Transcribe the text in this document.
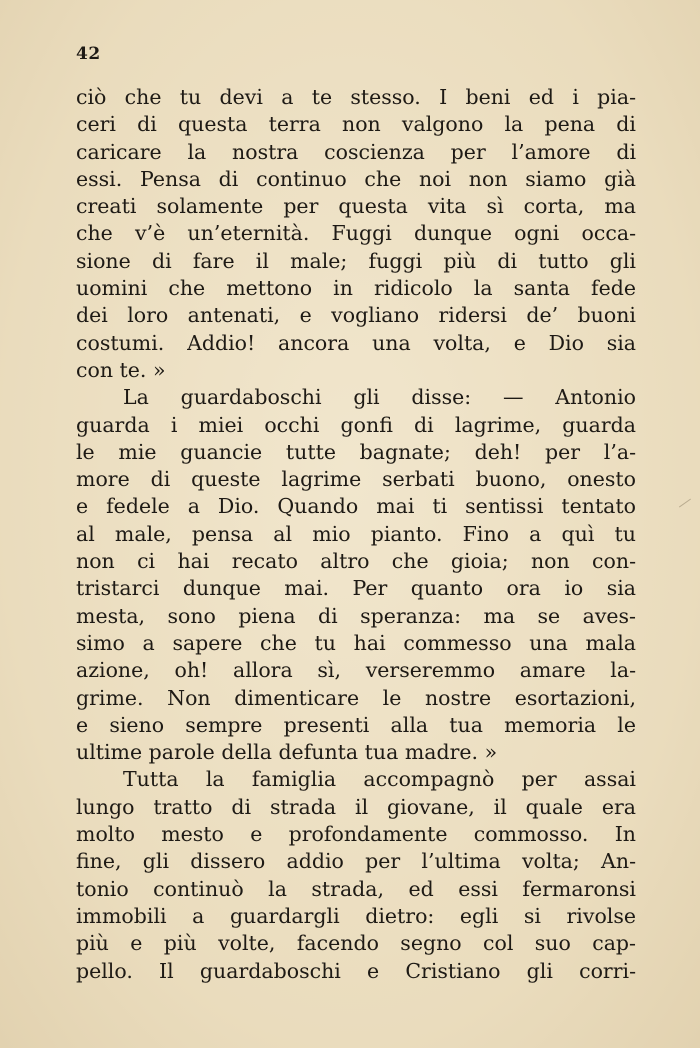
42
ciò che tu devi a te stesso. I beni ed i pia-
ceri di questa terra non valgono la pena di
caricare la nostra coscienza per l’amore di
essi. Pensa di continuo che noi non siamo già
creati solamente per questa vita sì corta, ma
che v’è un’eternità. Fuggi dunque ogni occa-
sione di fare il male; fuggi più di tutto gli
uomini che mettono in ridicolo la santa fede
dei loro antenati, e vogliano ridersi de’ buoni
costumi. Addio! ancora una volta, e Dio sia
con te. »
La guardaboschi gli disse: — Antonio
guarda i miei occhi gonfi di lagrime, guarda
le mie guancie tutte bagnate; deh! per l’a-
more di queste lagrime serbati buono, onesto
e fedele a Dio. Quando mai ti sentissi tentato
al male, pensa al mio pianto. Fino a quì tu
non ci hai recato altro che gioia; non con-
tristarci dunque mai. Per quanto ora io sia
mesta, sono piena di speranza: ma se aves-
simo a sapere che tu hai commesso una mala
azione, oh! allora sì, verseremmo amare la-
grime. Non dimenticare le nostre esortazioni,
e sieno sempre presenti alla tua memoria le
ultime parole della defunta tua madre. »
Tutta la famiglia accompagnò per assai
lungo tratto di strada il giovane, il quale era
molto mesto e profondamente commosso. In
fine, gli dissero addio per l’ultima volta; An-
tonio continuò la strada, ed essi fermaronsi
immobili a guardargli dietro: egli si rivolse
più e più volte, facendo segno col suo cap-
pello. Il guardaboschi e Cristiano gli corri-
